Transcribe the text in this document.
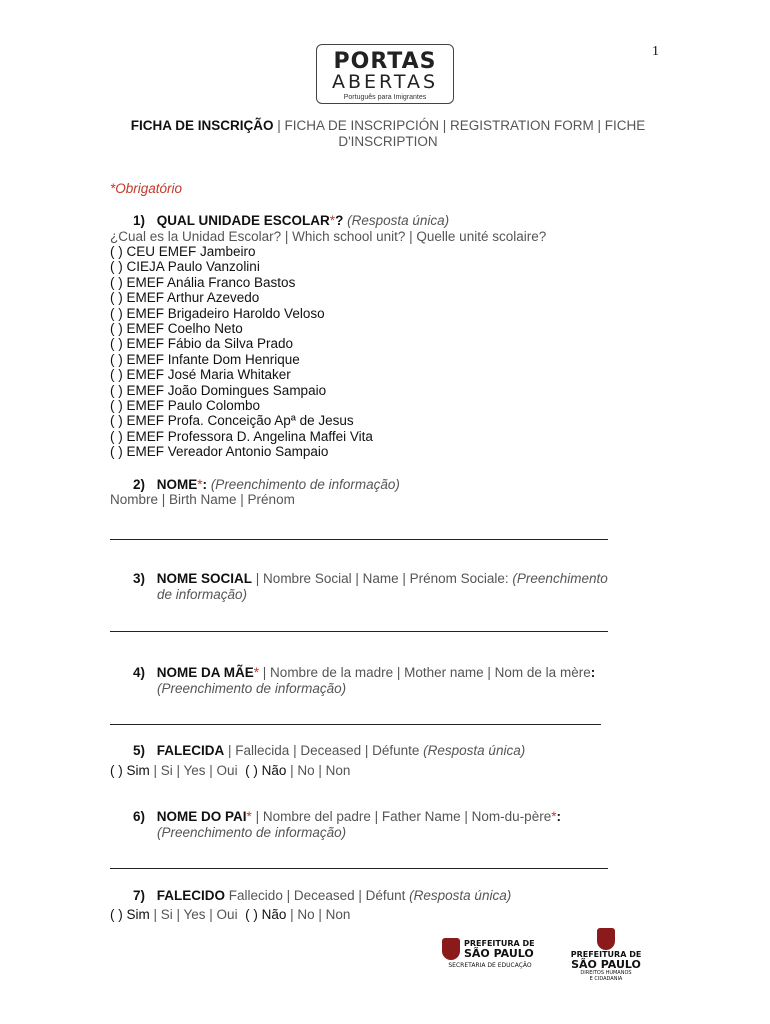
1
PORTAS
ABERTAS
Português para Imigrantes
FICHA DE INSCRIÇÃO | FICHA DE INSCRIPCIÓN | REGISTRATION FORM | FICHE D'INSCRIPTION
*Obrigatório
1) QUAL UNIDADE ESCOLAR*? (Resposta única)
¿Cual es la Unidad Escolar? | Which school unit? | Quelle unité scolaire?
( ) CEU EMEF Jambeiro
( ) CIEJA Paulo Vanzolini
( ) EMEF Anália Franco Bastos
( ) EMEF Arthur Azevedo
( ) EMEF Brigadeiro Haroldo Veloso
( ) EMEF Coelho Neto
( ) EMEF Fábio da Silva Prado
( ) EMEF Infante Dom Henrique
( ) EMEF José Maria Whitaker
( ) EMEF João Domingues Sampaio
( ) EMEF Paulo Colombo
( ) EMEF Profa. Conceição Apª de Jesus
( ) EMEF Professora D. Angelina Maffei Vita
( ) EMEF Vereador Antonio Sampaio
2) NOME*: (Preenchimento de informação)
Nombre | Birth Name | Prénom
3) NOME SOCIAL | Nombre Social | Name | Prénom Sociale: (Preenchimento
de informação)
4) NOME DA MÃE* | Nombre de la madre | Mother name | Nom de la mère:
(Preenchimento de informação)
5) FALECIDA | Fallecida | Deceased | Défunte (Resposta única)
( ) Sim | Si | Yes | Oui ( ) Não | No | Non
6) NOME DO PAI* | Nombre del padre | Father Name | Nom-du-père*:
(Preenchimento de informação)
7) FALECIDO Fallecido | Deceased | Défunt (Resposta única)
( ) Sim | Si | Yes | Oui ( ) Não | No | Non
PREFEITURA DE
SÃO PAULO
SECRETARIA DE EDUCAÇÃO
PREFEITURA DE
SÃO PAULO
DIREITOS HUMANOS
E CIDADANIA
